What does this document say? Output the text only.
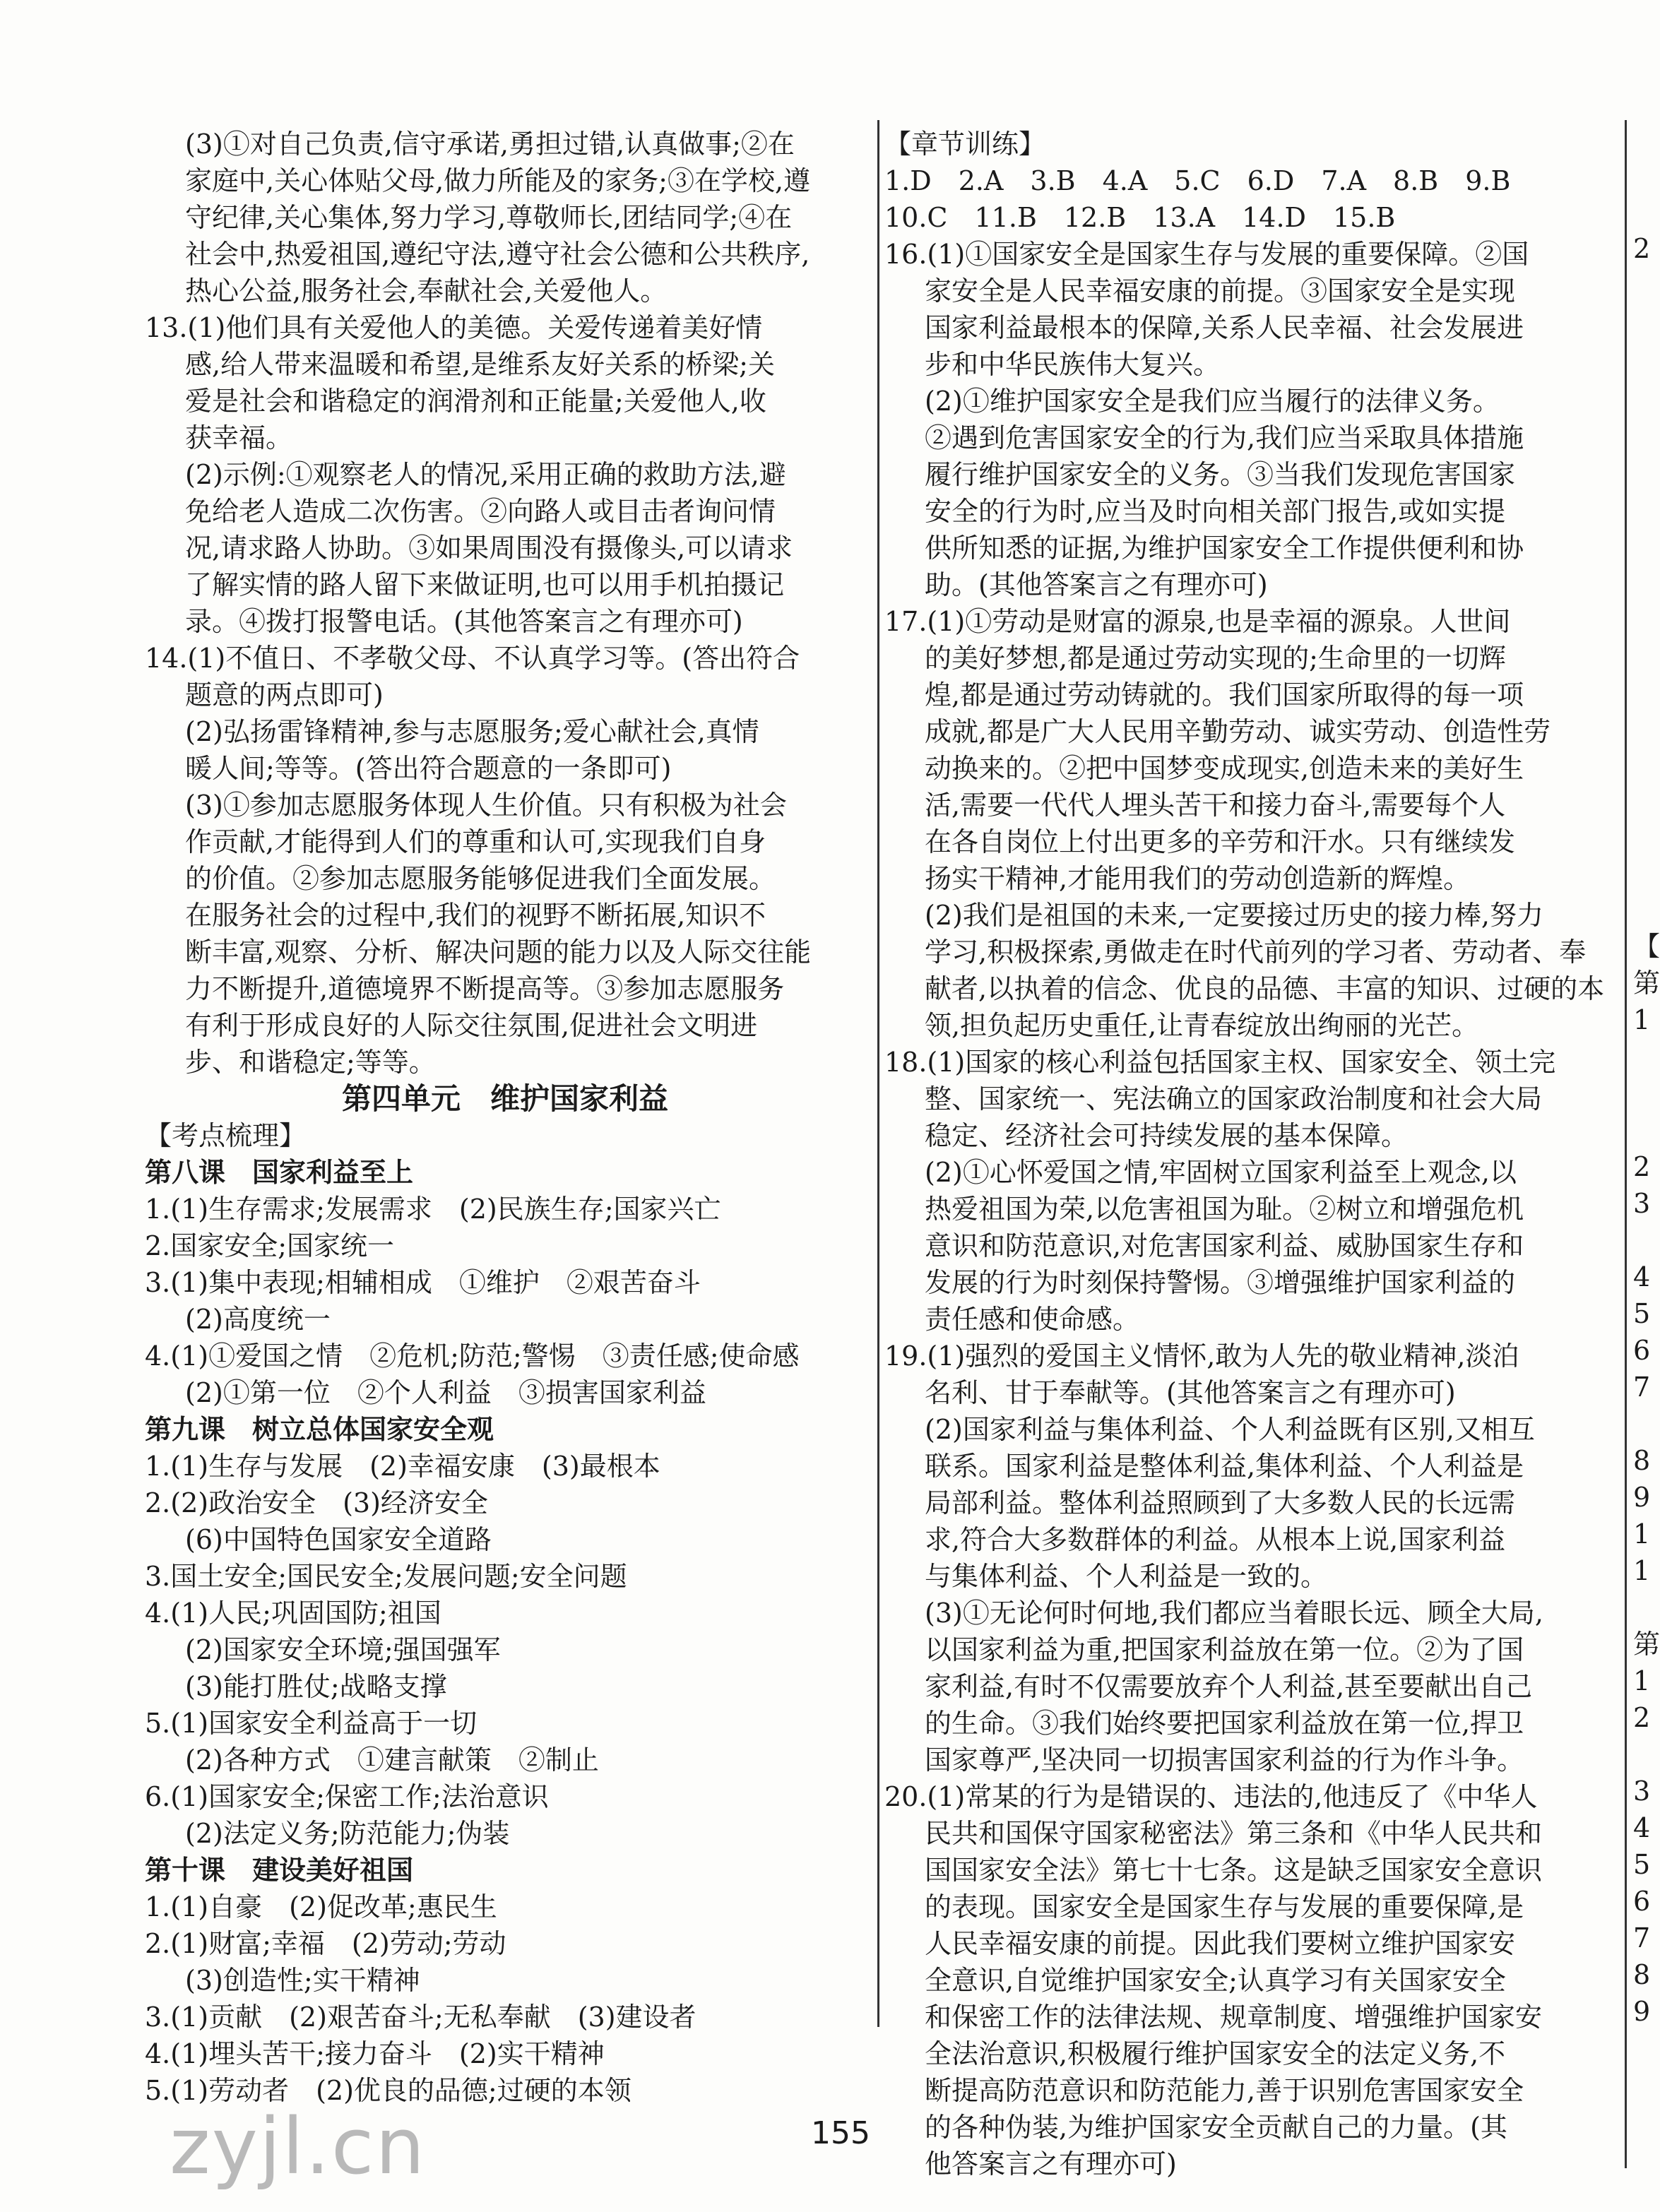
(3)①对自己负责,信守承诺,勇担过错,认真做事;②在
家庭中,关心体贴父母,做力所能及的家务;③在学校,遵
守纪律,关心集体,努力学习,尊敬师长,团结同学;④在
社会中,热爱祖国,遵纪守法,遵守社会公德和公共秩序,
热心公益,服务社会,奉献社会,关爱他人。
13.(1)他们具有关爱他人的美德。关爱传递着美好情
感,给人带来温暖和希望,是维系友好关系的桥梁;关
爱是社会和谐稳定的润滑剂和正能量;关爱他人,收
获幸福。
(2)示例:①观察老人的情况,采用正确的救助方法,避
免给老人造成二次伤害。②向路人或目击者询问情
况,请求路人协助。③如果周围没有摄像头,可以请求
了解实情的路人留下来做证明,也可以用手机拍摄记
录。④拨打报警电话。(其他答案言之有理亦可)
14.(1)不值日、不孝敬父母、不认真学习等。(答出符合
题意的两点即可)
(2)弘扬雷锋精神,参与志愿服务;爱心献社会,真情
暖人间;等等。(答出符合题意的一条即可)
(3)①参加志愿服务体现人生价值。只有积极为社会
作贡献,才能得到人们的尊重和认可,实现我们自身
的价值。②参加志愿服务能够促进我们全面发展。
在服务社会的过程中,我们的视野不断拓展,知识不
断丰富,观察、分析、解决问题的能力以及人际交往能
力不断提升,道德境界不断提高等。③参加志愿服务
有利于形成良好的人际交往氛围,促进社会文明进
步、和谐稳定;等等。
第四单元　维护国家利益
【考点梳理】
第八课　国家利益至上
1.(1)生存需求;发展需求　(2)民族生存;国家兴亡
2.国家安全;国家统一
3.(1)集中表现;相辅相成　①维护　②艰苦奋斗
(2)高度统一
4.(1)①爱国之情　②危机;防范;警惕　③责任感;使命感
(2)①第一位　②个人利益　③损害国家利益
第九课　树立总体国家安全观
1.(1)生存与发展　(2)幸福安康　(3)最根本
2.(2)政治安全　(3)经济安全
(6)中国特色国家安全道路
3.国土安全;国民安全;发展问题;安全问题
4.(1)人民;巩固国防;祖国
(2)国家安全环境;强国强军
(3)能打胜仗;战略支撑
5.(1)国家安全利益高于一切
(2)各种方式　①建言献策　②制止
6.(1)国家安全;保密工作;法治意识
(2)法定义务;防范能力;伪装
第十课　建设美好祖国
1.(1)自豪　(2)促改革;惠民生
2.(1)财富;幸福　(2)劳动;劳动
(3)创造性;实干精神
3.(1)贡献　(2)艰苦奋斗;无私奉献　(3)建设者
4.(1)埋头苦干;接力奋斗　(2)实干精神
5.(1)劳动者　(2)优良的品德;过硬的本领
【章节训练】
1.D　2.A　3.B　4.A　5.C　6.D　7.A　8.B　9.B
10.C　11.B　12.B　13.A　14.D　15.B
16.(1)①国家安全是国家生存与发展的重要保障。②国
家安全是人民幸福安康的前提。③国家安全是实现
国家利益最根本的保障,关系人民幸福、社会发展进
步和中华民族伟大复兴。
(2)①维护国家安全是我们应当履行的法律义务。
②遇到危害国家安全的行为,我们应当采取具体措施
履行维护国家安全的义务。③当我们发现危害国家
安全的行为时,应当及时向相关部门报告,或如实提
供所知悉的证据,为维护国家安全工作提供便利和协
助。(其他答案言之有理亦可)
17.(1)①劳动是财富的源泉,也是幸福的源泉。人世间
的美好梦想,都是通过劳动实现的;生命里的一切辉
煌,都是通过劳动铸就的。我们国家所取得的每一项
成就,都是广大人民用辛勤劳动、诚实劳动、创造性劳
动换来的。②把中国梦变成现实,创造未来的美好生
活,需要一代代人埋头苦干和接力奋斗,需要每个人
在各自岗位上付出更多的辛劳和汗水。只有继续发
扬实干精神,才能用我们的劳动创造新的辉煌。
(2)我们是祖国的未来,一定要接过历史的接力棒,努力
学习,积极探索,勇做走在时代前列的学习者、劳动者、奉
献者,以执着的信念、优良的品德、丰富的知识、过硬的本
领,担负起历史重任,让青春绽放出绚丽的光芒。
18.(1)国家的核心利益包括国家主权、国家安全、领土完
整、国家统一、宪法确立的国家政治制度和社会大局
稳定、经济社会可持续发展的基本保障。
(2)①心怀爱国之情,牢固树立国家利益至上观念,以
热爱祖国为荣,以危害祖国为耻。②树立和增强危机
意识和防范意识,对危害国家利益、威胁国家生存和
发展的行为时刻保持警惕。③增强维护国家利益的
责任感和使命感。
19.(1)强烈的爱国主义情怀,敢为人先的敬业精神,淡泊
名利、甘于奉献等。(其他答案言之有理亦可)
(2)国家利益与集体利益、个人利益既有区别,又相互
联系。国家利益是整体利益,集体利益、个人利益是
局部利益。整体利益照顾到了大多数人民的长远需
求,符合大多数群体的利益。从根本上说,国家利益
与集体利益、个人利益是一致的。
(3)①无论何时何地,我们都应当着眼长远、顾全大局,
以国家利益为重,把国家利益放在第一位。②为了国
家利益,有时不仅需要放弃个人利益,甚至要献出自己
的生命。③我们始终要把国家利益放在第一位,捍卫
国家尊严,坚决同一切损害国家利益的行为作斗争。
20.(1)常某的行为是错误的、违法的,他违反了《中华人
民共和国保守国家秘密法》第三条和《中华人民共和
国国家安全法》第七十七条。这是缺乏国家安全意识
的表现。国家安全是国家生存与发展的重要保障,是
人民幸福安康的前提。因此我们要树立维护国家安
全意识,自觉维护国家安全;认真学习有关国家安全
和保密工作的法律法规、规章制度、增强维护国家安
全法治意识,积极履行维护国家安全的法定义务,不
断提高防范意识和防范能力,善于识别危害国家安全
的各种伪装,为维护国家安全贡献自己的力量。(其
他答案言之有理亦可)
2
【
第
1
2
3
4
5
6
7
8
9
1
1
第
1
2
3
4
5
6
7
8
9
zyjl.cn	155
